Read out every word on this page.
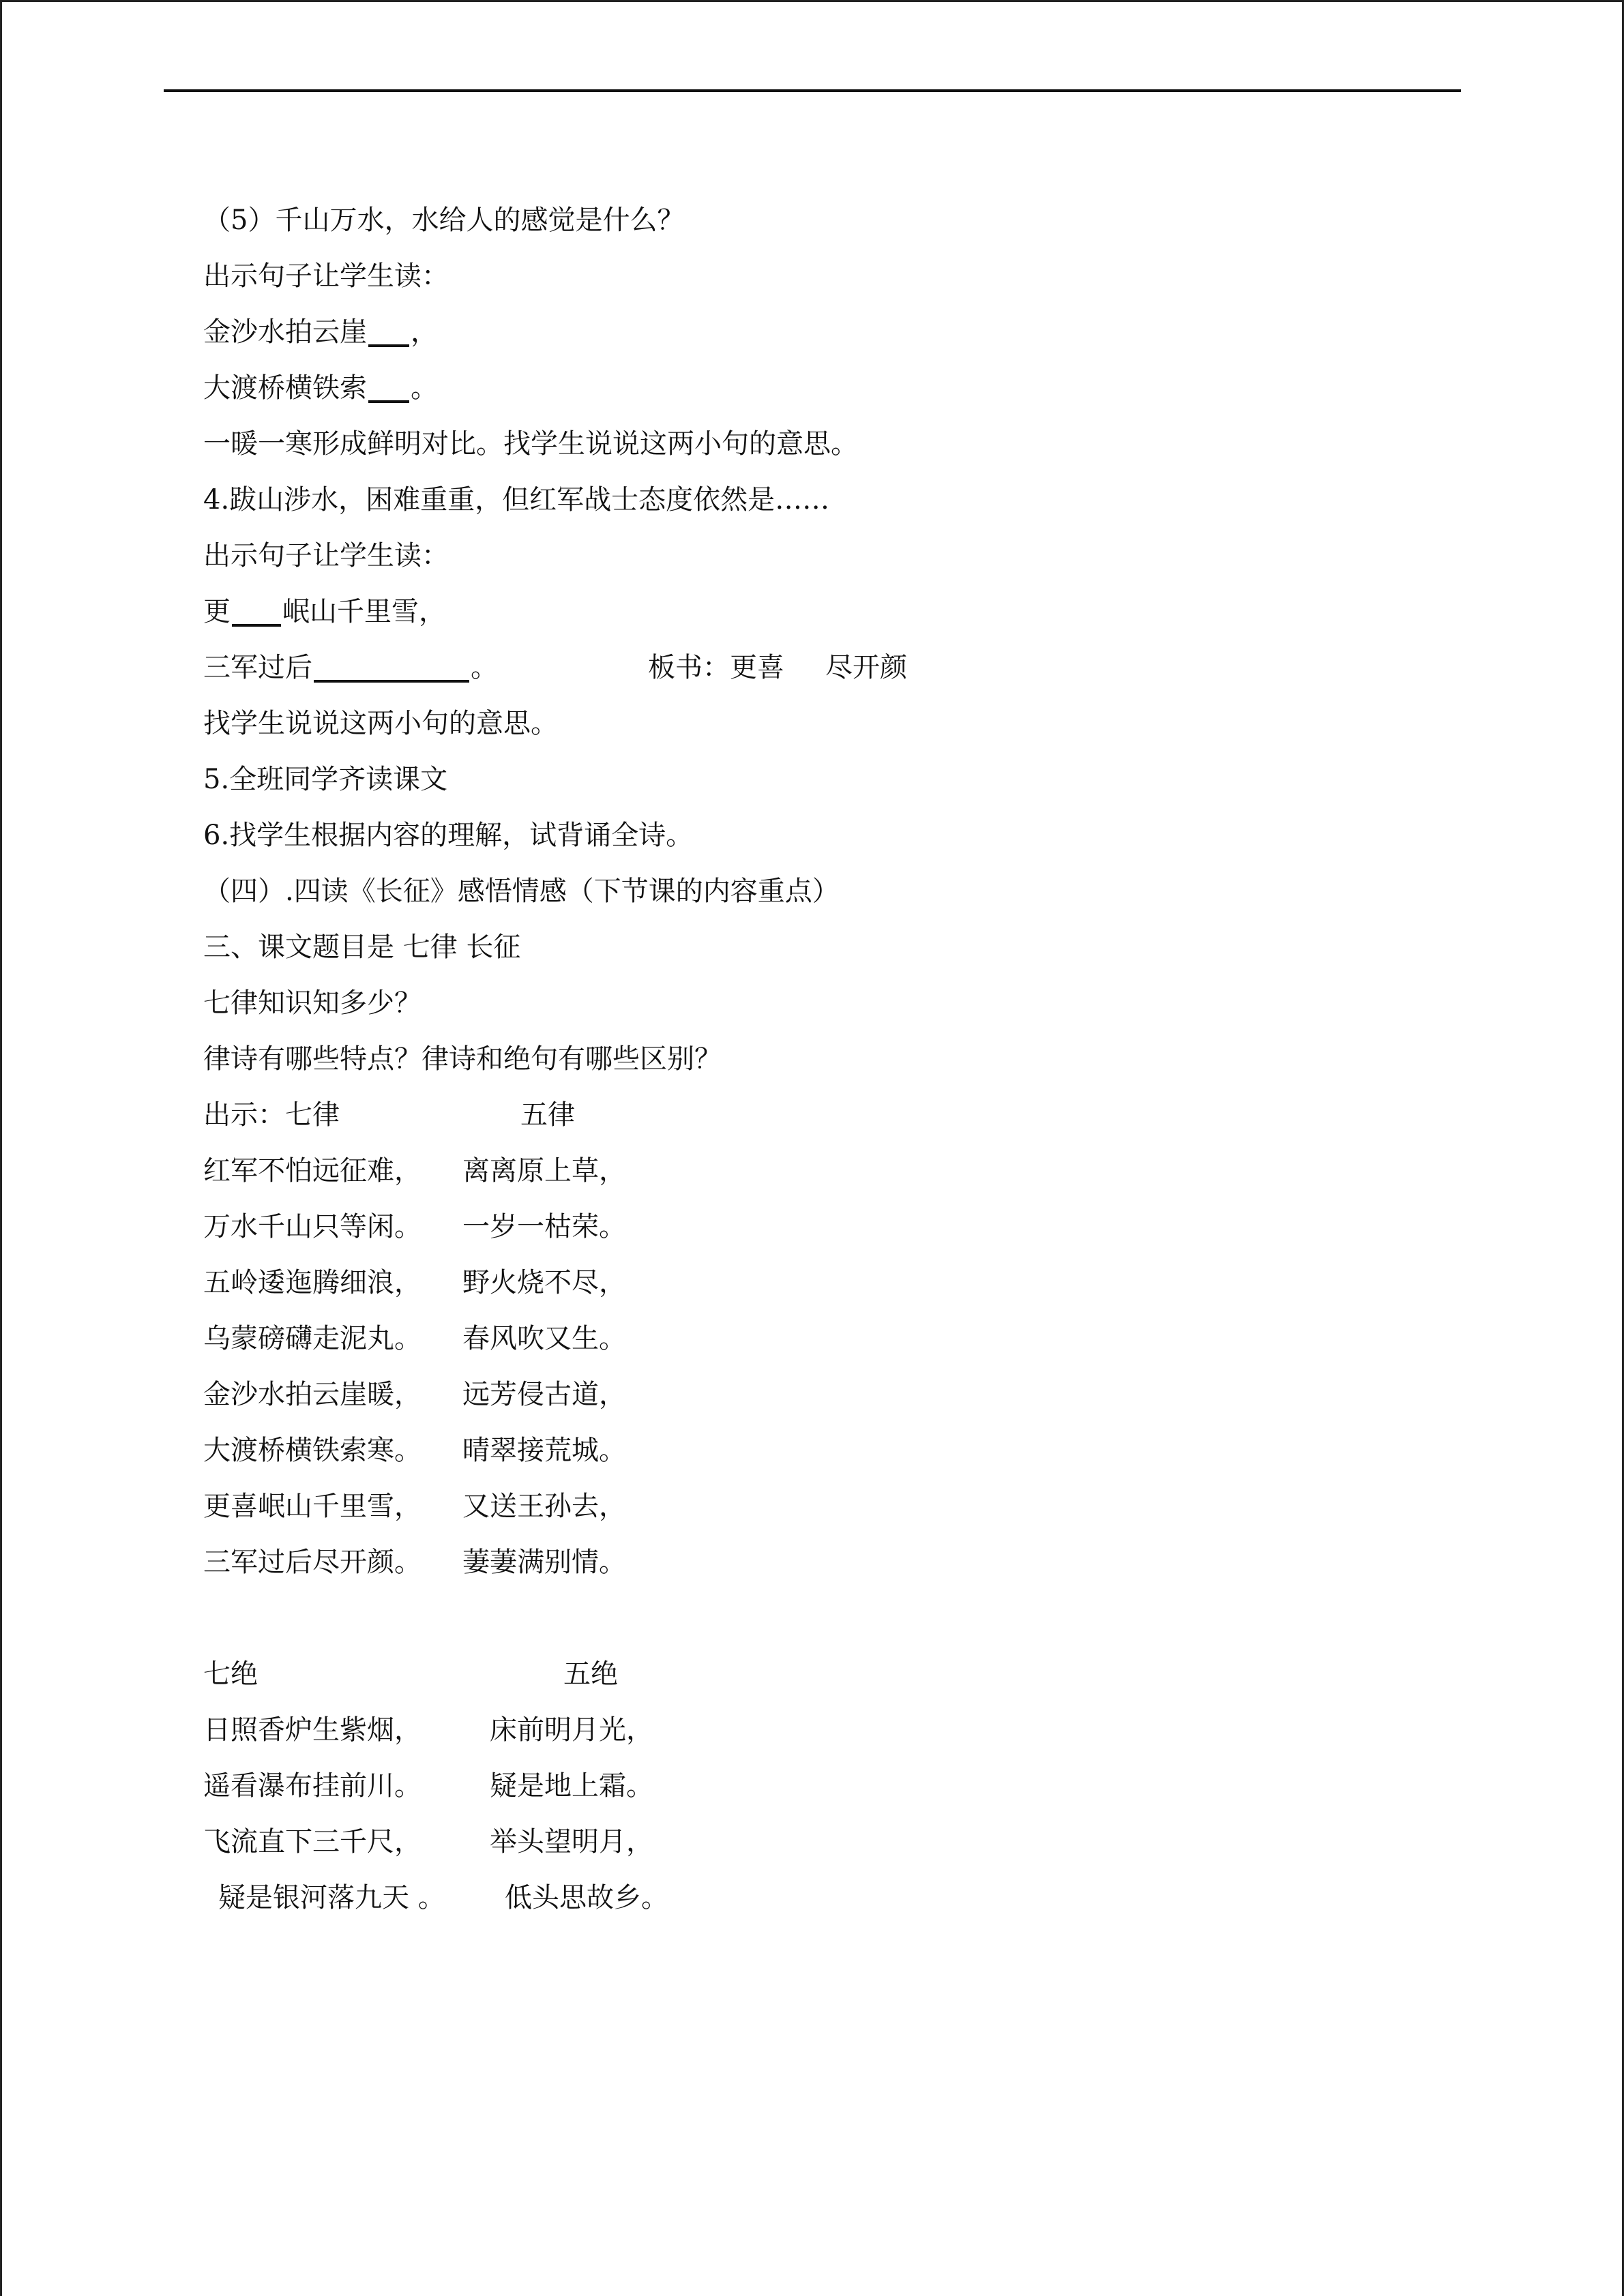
（5）千山万水，水给人的感觉是什么？
出示句子让学生读：
金沙水拍云崖 ，
大渡桥横铁索 。
一暖一寒形成鲜明对比。找学生说说这两小句的意思。
4.跋山涉水，困难重重，但红军战士态度依然是……
出示句子让学生读：
更 岷山千里雪，
三军过后	。	板书：更喜 尽开颜
找学生说说这两小句的意思。
5.全班同学齐读课文
6.找学生根据内容的理解，试背诵全诗。
（四）.四读《长征》感悟情感（下节课的内容重点）
三、课文题目是 七律 长征
七律知识知多少？
律诗有哪些特点？律诗和绝句有哪些区别？
出示：七律	五律
红军不怕远征难，	离离原上草，
万水千山只等闲。	一岁一枯荣。
五岭逶迤腾细浪，	野火烧不尽，
乌蒙磅礴走泥丸。	春风吹又生。
金沙水拍云崖暖，	远芳侵古道，
大渡桥横铁索寒。	晴翠接荒城。
更喜岷山千里雪，	又送王孙去，
三军过后尽开颜。	萋萋满别情。
七绝	五绝
日照香炉生紫烟，	床前明月光，
遥看瀑布挂前川。	疑是地上霜。
飞流直下三千尺，	举头望明月，
疑是银河落九天 。	低头思故乡。
